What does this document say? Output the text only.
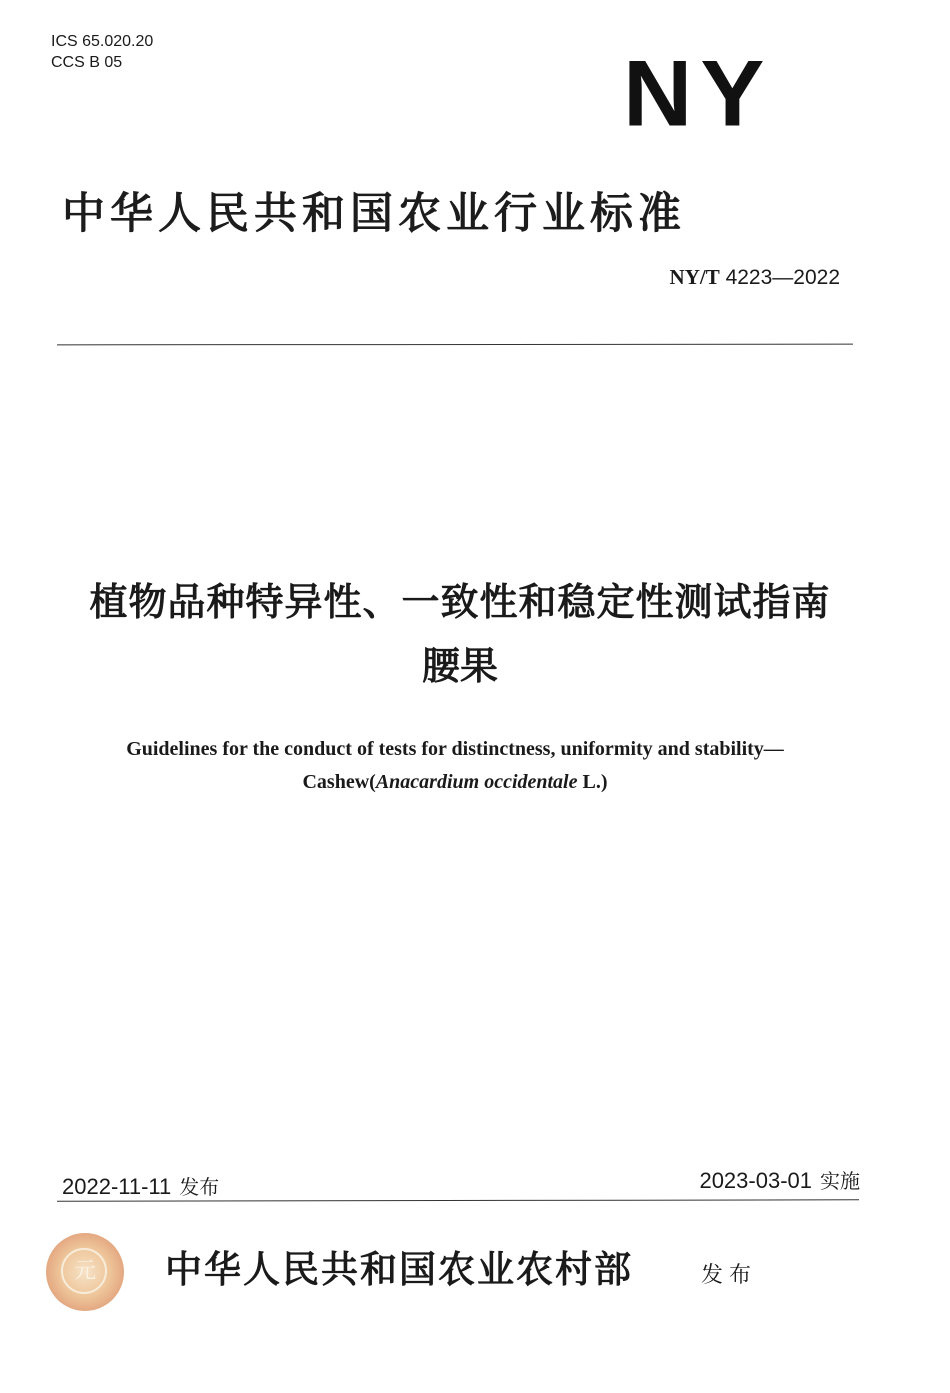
ICS 65.020.20
CCS B 05	NY
中华人民共和国农业行业标准
NY/T 4223—2022
植物品种特异性、一致性和稳定性测试指南
腰果
Guidelines for the conduct of tests for distinctness, uniformity and stability—
Cashew(Anacardium occidentale L.)
2022-11-11 发布	2023-03-01 实施
元	中华人民共和国农业农村部	发布
